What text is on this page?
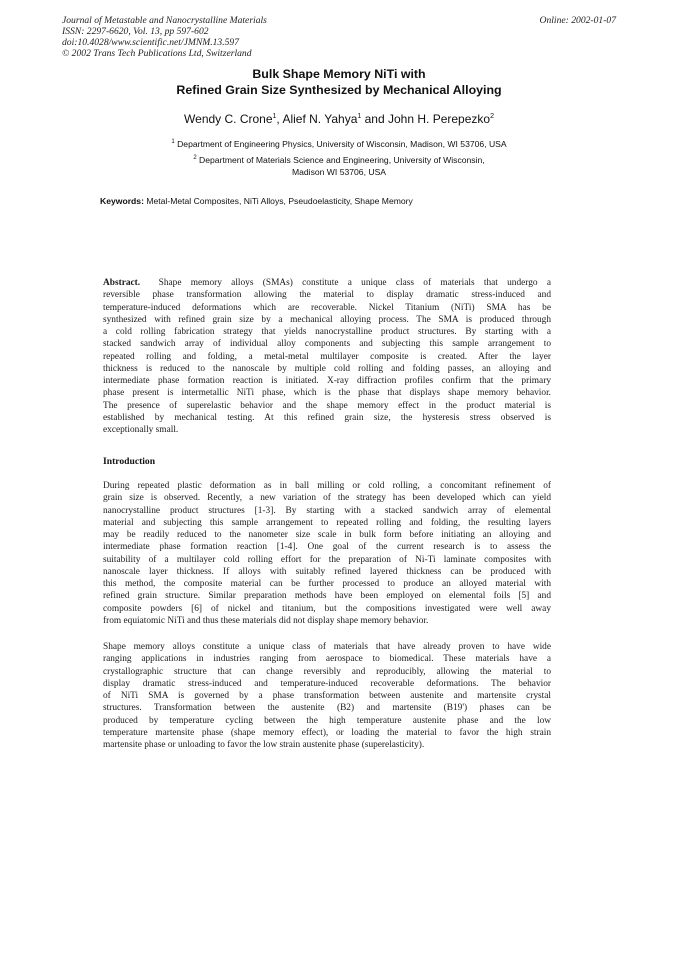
Journal of Metastable and Nanocrystalline Materials
ISSN: 2297-6620, Vol. 13, pp 597-602
doi:10.4028/www.scientific.net/JMNM.13.597
© 2002 Trans Tech Publications Ltd, Switzerland
Online: 2002-01-07
Bulk Shape Memory NiTi with
Refined Grain Size Synthesized by Mechanical Alloying
Wendy C. Crone$^1$, Alief N. Yahya$^1$ and John H. Perepezko$^2$
$^1$ Department of Engineering Physics, University of Wisconsin, Madison, WI 53706, USA
$^2$ Department of Materials Science and Engineering, University of Wisconsin,
Madison WI 53706, USA
Keywords: Metal-Metal Composites, NiTi Alloys, Pseudoelasticity, Shape Memory
Abstract. Shape memory alloys (SMAs) constitute a unique class of materials that undergo a
reversible phase transformation allowing the material to display dramatic stress-induced and
temperature-induced deformations which are recoverable. Nickel Titanium (NiTi) SMA has be
synthesized with refined grain size by a mechanical alloying process. The SMA is produced through
a cold rolling fabrication strategy that yields nanocrystalline product structures. By starting with a
stacked sandwich array of individual alloy components and subjecting this sample arrangement to
repeated rolling and folding, a metal-metal multilayer composite is created. After the layer
thickness is reduced to the nanoscale by multiple cold rolling and folding passes, an alloying and
intermediate phase formation reaction is initiated. X-ray diffraction profiles confirm that the primary
phase present is intermetallic NiTi phase, which is the phase that displays shape memory behavior.
The presence of superelastic behavior and the shape memory effect in the product material is
established by mechanical testing. At this refined grain size, the hysteresis stress observed is
exceptionally small.
Introduction
During repeated plastic deformation as in ball milling or cold rolling, a concomitant refinement of
grain size is observed. Recently, a new variation of the strategy has been developed which can yield
nanocrystalline product structures [1-3]. By starting with a stacked sandwich array of elemental
material and subjecting this sample arrangement to repeated rolling and folding, the resulting layers
may be readily reduced to the nanometer size scale in bulk form before initiating an alloying and
intermediate phase formation reaction [1-4]. One goal of the current research is to assess the
suitability of a multilayer cold rolling effort for the preparation of Ni-Ti laminate composites with
nanoscale layer thickness. If alloys with suitably refined layered thickness can be produced with
this method, the composite material can be further processed to produce an alloyed material with
refined grain structure. Similar preparation methods have been employed on elemental foils [5] and
composite powders [6] of nickel and titanium, but the compositions investigated were well away
from equiatomic NiTi and thus these materials did not display shape memory behavior.
Shape memory alloys constitute a unique class of materials that have already proven to have wide
ranging applications in industries ranging from aerospace to biomedical. These materials have a
crystallographic structure that can change reversibly and reproducibly, allowing the material to
display dramatic stress-induced and temperature-induced recoverable deformations. The behavior
of NiTi SMA is governed by a phase transformation between austenite and martensite crystal
structures. Transformation between the austenite (B2) and martensite (B19') phases can be
produced by temperature cycling between the high temperature austenite phase and the low
temperature martensite phase (shape memory effect), or loading the material to favor the high strain
martensite phase or unloading to favor the low strain austenite phase (superelasticity).
